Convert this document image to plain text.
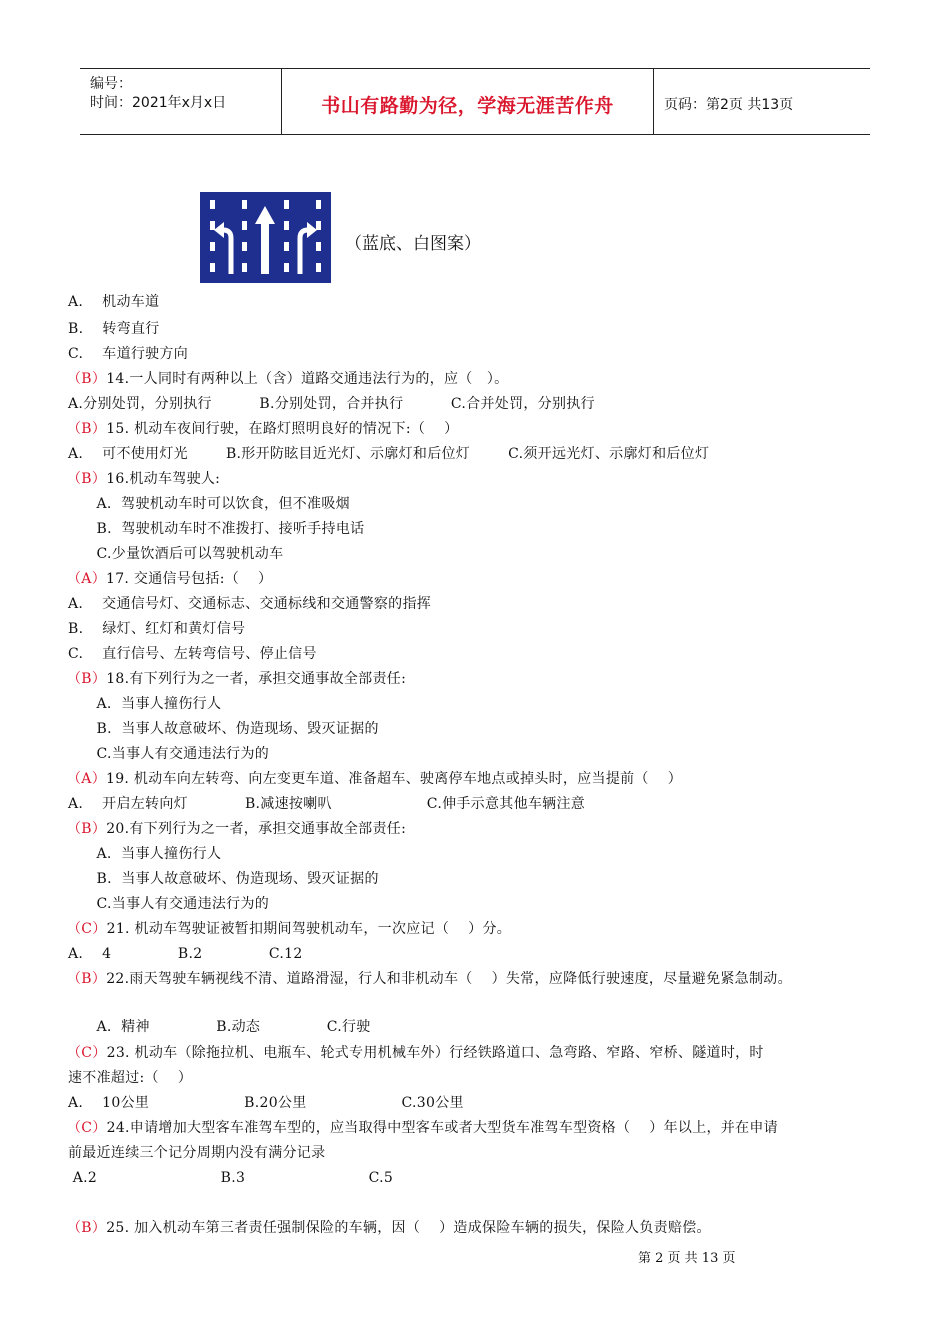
编号：
时间：2021年x月x日	书山有路勤为径，学海无涯苦作舟	页码：第2页 共13页
（蓝底、白图案）
A.    机动车道
B.    转弯直行
C.    车道行驶方向
（B）14.一人同时有两种以上（含）道路交通违法行为的，应（   ）。
A.分别处罚，分别执行          B.分别处罚，合并执行          C.合并处罚，分别执行
（B）15. 机动车夜间行驶，在路灯照明良好的情况下:（    ）
A.    可不使用灯光        B.形开防眩目近光灯、示廓灯和后位灯        C.须开远光灯、示廓灯和后位灯
（B）16.机动车驾驶人:
A.  驾驶机动车时可以饮食，但不准吸烟
B.  驾驶机动车时不准拨打、接听手持电话
C.少量饮酒后可以驾驶机动车
（A）17. 交通信号包括:（    ）
A.    交通信号灯、交通标志、交通标线和交通警察的指挥
B.    绿灯、红灯和黄灯信号
C.    直行信号、左转弯信号、停止信号
（B）18.有下列行为之一者，承担交通事故全部责任:
A.  当事人撞伤行人
B.  当事人故意破坏、伪造现场、毁灭证据的
C.当事人有交通违法行为的
（A）19. 机动车向左转弯、向左变更车道、准备超车、驶离停车地点或掉头时，应当提前（    ）
A.    开启左转向灯            B.减速按喇叭                    C.伸手示意其他车辆注意
（B）20.有下列行为之一者，承担交通事故全部责任:
A.  当事人撞伤行人
B.  当事人故意破坏、伪造现场、毁灭证据的
C.当事人有交通违法行为的
（C）21. 机动车驾驶证被暂扣期间驾驶机动车，一次应记（    ）分。
A.    4              B.2              C.12
（B）22.雨天驾驶车辆视线不清、道路滑湿，行人和非机动车（    ）失常，应降低行驶速度，尽量避免紧急制动。
A.  精神              B.动态              C.行驶
（C）23. 机动车（除拖拉机、电瓶车、轮式专用机械车外）行经铁路道口、急弯路、窄路、窄桥、隧道时，时
速不准超过:（    ）
A.    10公里                    B.20公里                    C.30公里
（C）24.申请增加大型客车准驾车型的，应当取得中型客车或者大型货车准驾车型资格（    ）年以上，并在申请
前最近连续三个记分周期内没有满分记录
A.2                          B.3                          C.5
（B）25. 加入机动车第三者责任强制保险的车辆，因（    ）造成保险车辆的损失，保险人负责赔偿。
第 2 页 共 13 页
